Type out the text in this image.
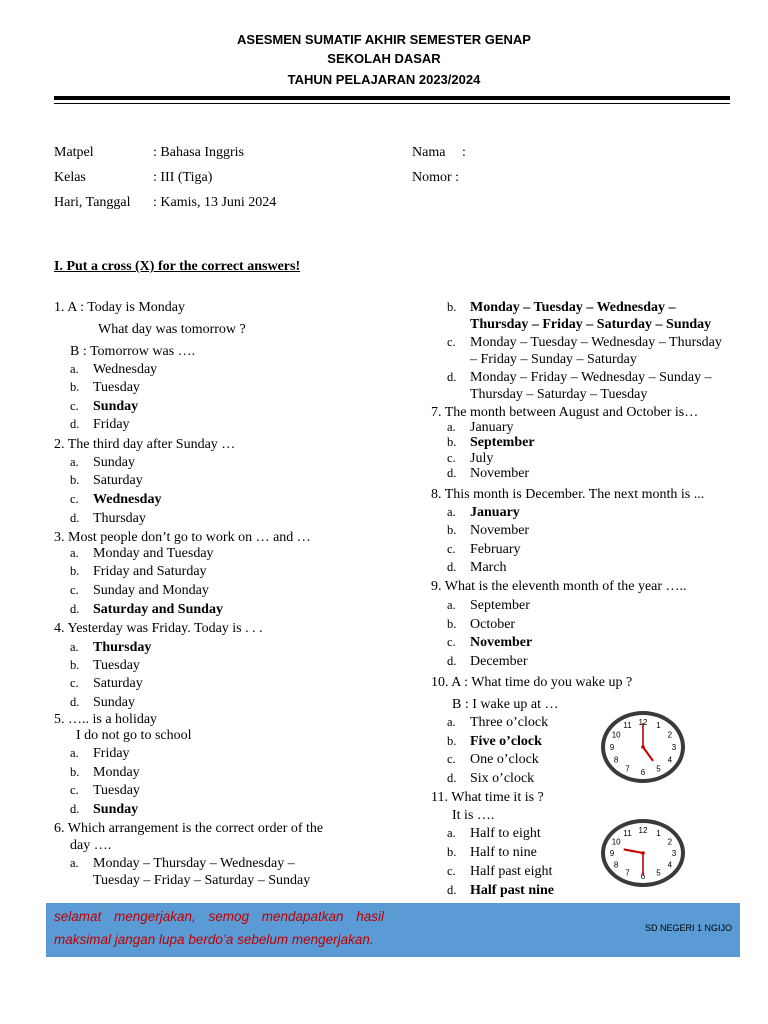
ASESMEN SUMATIF AKHIR SEMESTER GENAP
SEKOLAH DASAR
TAHUN PELAJARAN 2023/2024
Matpel	: Bahasa Inggris
Kelas	: III (Tiga)
Hari, Tanggal : Kamis, 13 Juni 2024
Nama :
Nomor :
I. Put a cross (X) for the correct answers!
1. A : Today is Monday
What day was tomorrow ?
B : Tomorrow was ….
a. Wednesday
b. Tuesday
c. Sunday
d. Friday
2. The third day after Sunday …
a. Sunday
b. Saturday
c. Wednesday
d. Thursday
3. Most people don’t go to work on … and …
a. Monday and Tuesday
b. Friday and Saturday
c. Sunday and Monday
d. Saturday and Sunday
4. Yesterday was Friday. Today is . . .
a. Thursday
b. Tuesday
c. Saturday
d. Sunday
5. ….. is a holiday
I do not go to school
a. Friday
b. Monday
c. Tuesday
d. Sunday
6. Which arrangement is the correct order of the
day ….
a. Monday – Thursday – Wednesday –
Tuesday – Friday – Saturday – Sunday
b. Monday – Tuesday – Wednesday –
Thursday – Friday – Saturday – Sunday
c. Monday – Tuesday – Wednesday – Thursday
– Friday – Sunday – Saturday
d. Monday – Friday – Wednesday – Sunday –
Thursday – Saturday – Tuesday
7. The month between August and October is…
a. January
b. September
c. July
d. November
8. This month is December. The next month is ...
a. January
b. November
c. February
d. March
9. What is the eleventh month of the year …..
a. September
b. October
c. November
d. December
10. A : What time do you wake up ?
B : I wake up at …
a. Three o’clock
b. Five o’clock
c. One o’clock
d. Six o’clock
11. What time it is ?
It is ….
a. Half to eight
b. Half to nine
c. Half past eight
d. Half past nine
12 1
2
3
4
5
6
7
8
9
10
11
12 1
2
3
4
5
6
7
8
9
10
11
selamat mengerjakan, semog mendapatkan hasil
maksimal jangan lupa berdo’a sebelum mengerjakan.
SD NEGERI 1 NGIJO
